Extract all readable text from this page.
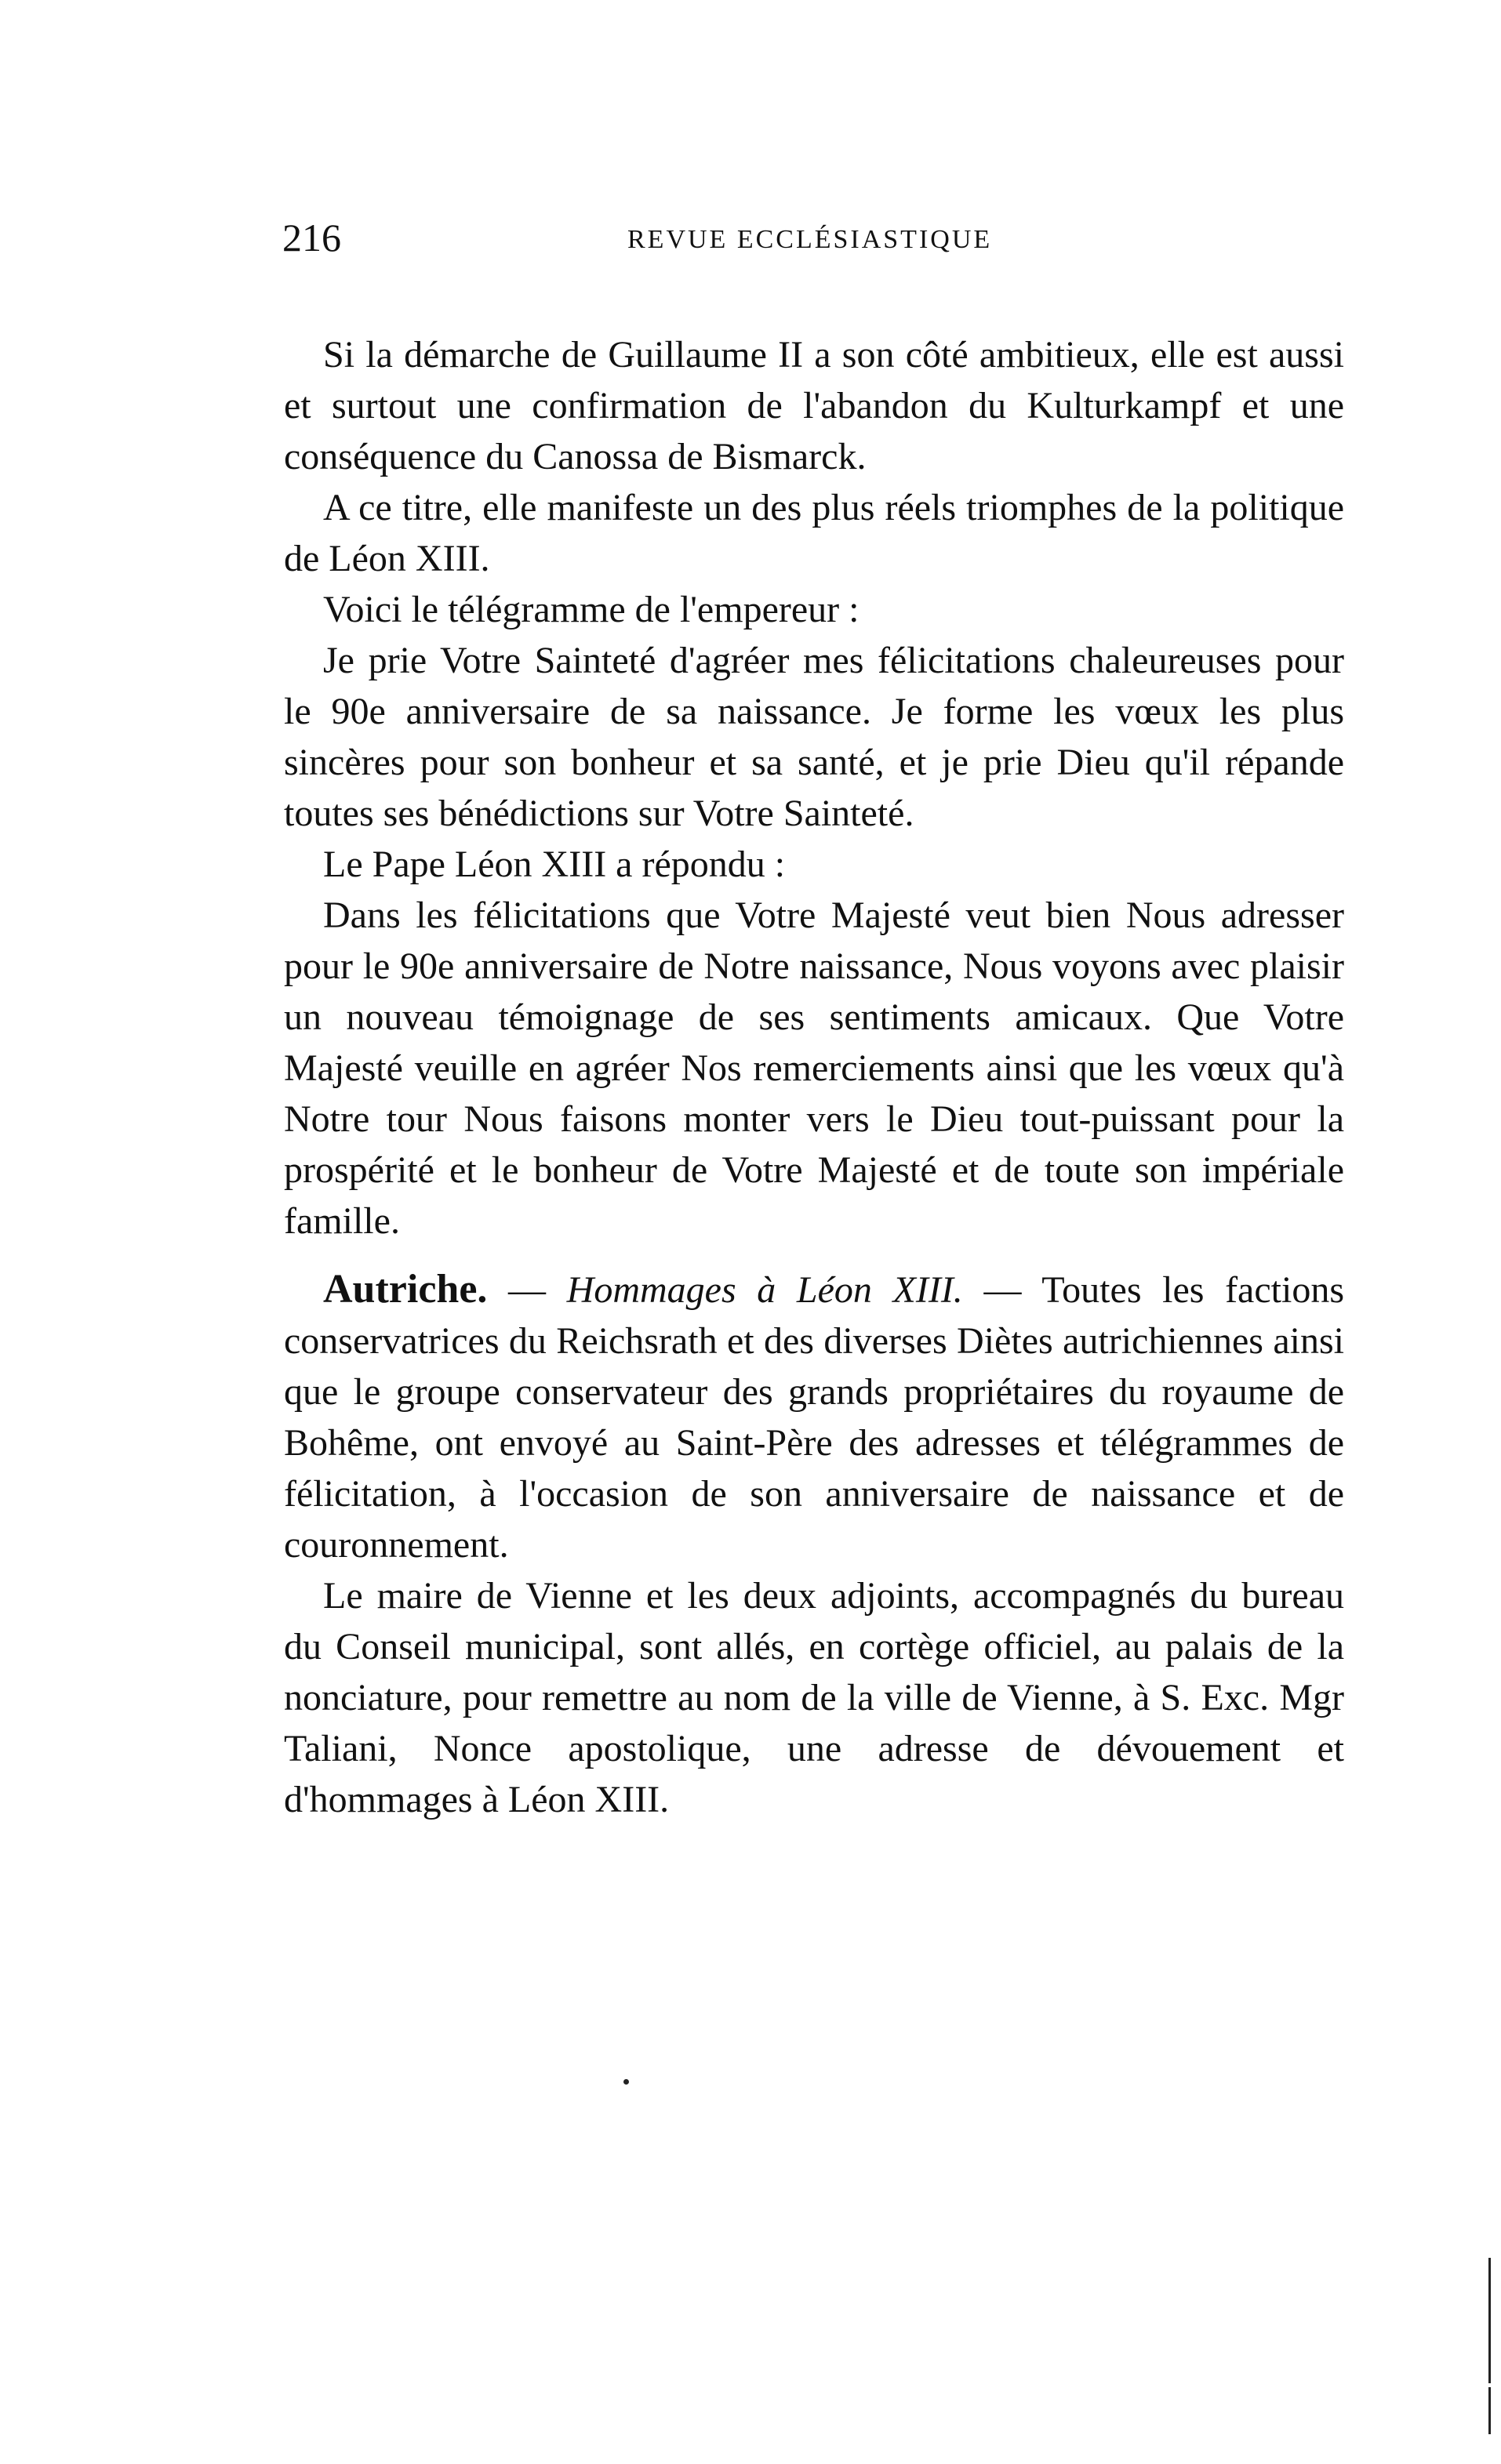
216	REVUE ECCLÉSIASTIQUE

Si la démarche de Guillaume II a son côté ambitieux, elle est aussi et surtout une confirmation de l'abandon du Kulturkampf et une conséquence du Canossa de Bismarck.

A ce titre, elle manifeste un des plus réels triomphes de la politique de Léon XIII.

Voici le télégramme de l'empereur :

Je prie Votre Sainteté d'agréer mes félicitations chaleureuses pour le 90e anniversaire de sa naissance. Je forme les vœux les plus sincères pour son bonheur et sa santé, et je prie Dieu qu'il répande toutes ses bénédictions sur Votre Sainteté.

Le Pape Léon XIII a répondu :

Dans les félicitations que Votre Majesté veut bien Nous adresser pour le 90e anniversaire de Notre naissance, Nous voyons avec plaisir un nouveau témoignage de ses sentiments amicaux. Que Votre Majesté veuille en agréer Nos remerciements ainsi que les vœux qu'à Notre tour Nous faisons monter vers le Dieu tout-puissant pour la prospérité et le bonheur de Votre Majesté et de toute son impériale famille.

Autriche. — Hommages à Léon XIII. — Toutes les factions conservatrices du Reichsrath et des diverses Diètes autrichiennes ainsi que le groupe conservateur des grands propriétaires du royaume de Bohême, ont envoyé au Saint-Père des adresses et télégrammes de félicitation, à l'occasion de son anniversaire de naissance et de couronnement.

Le maire de Vienne et les deux adjoints, accompagnés du bureau du Conseil municipal, sont allés, en cortège officiel, au palais de la nonciature, pour remettre au nom de la ville de Vienne, à S. Exc. Mgr Taliani, Nonce apostolique, une adresse de dévouement et d'hommages à Léon XIII.
